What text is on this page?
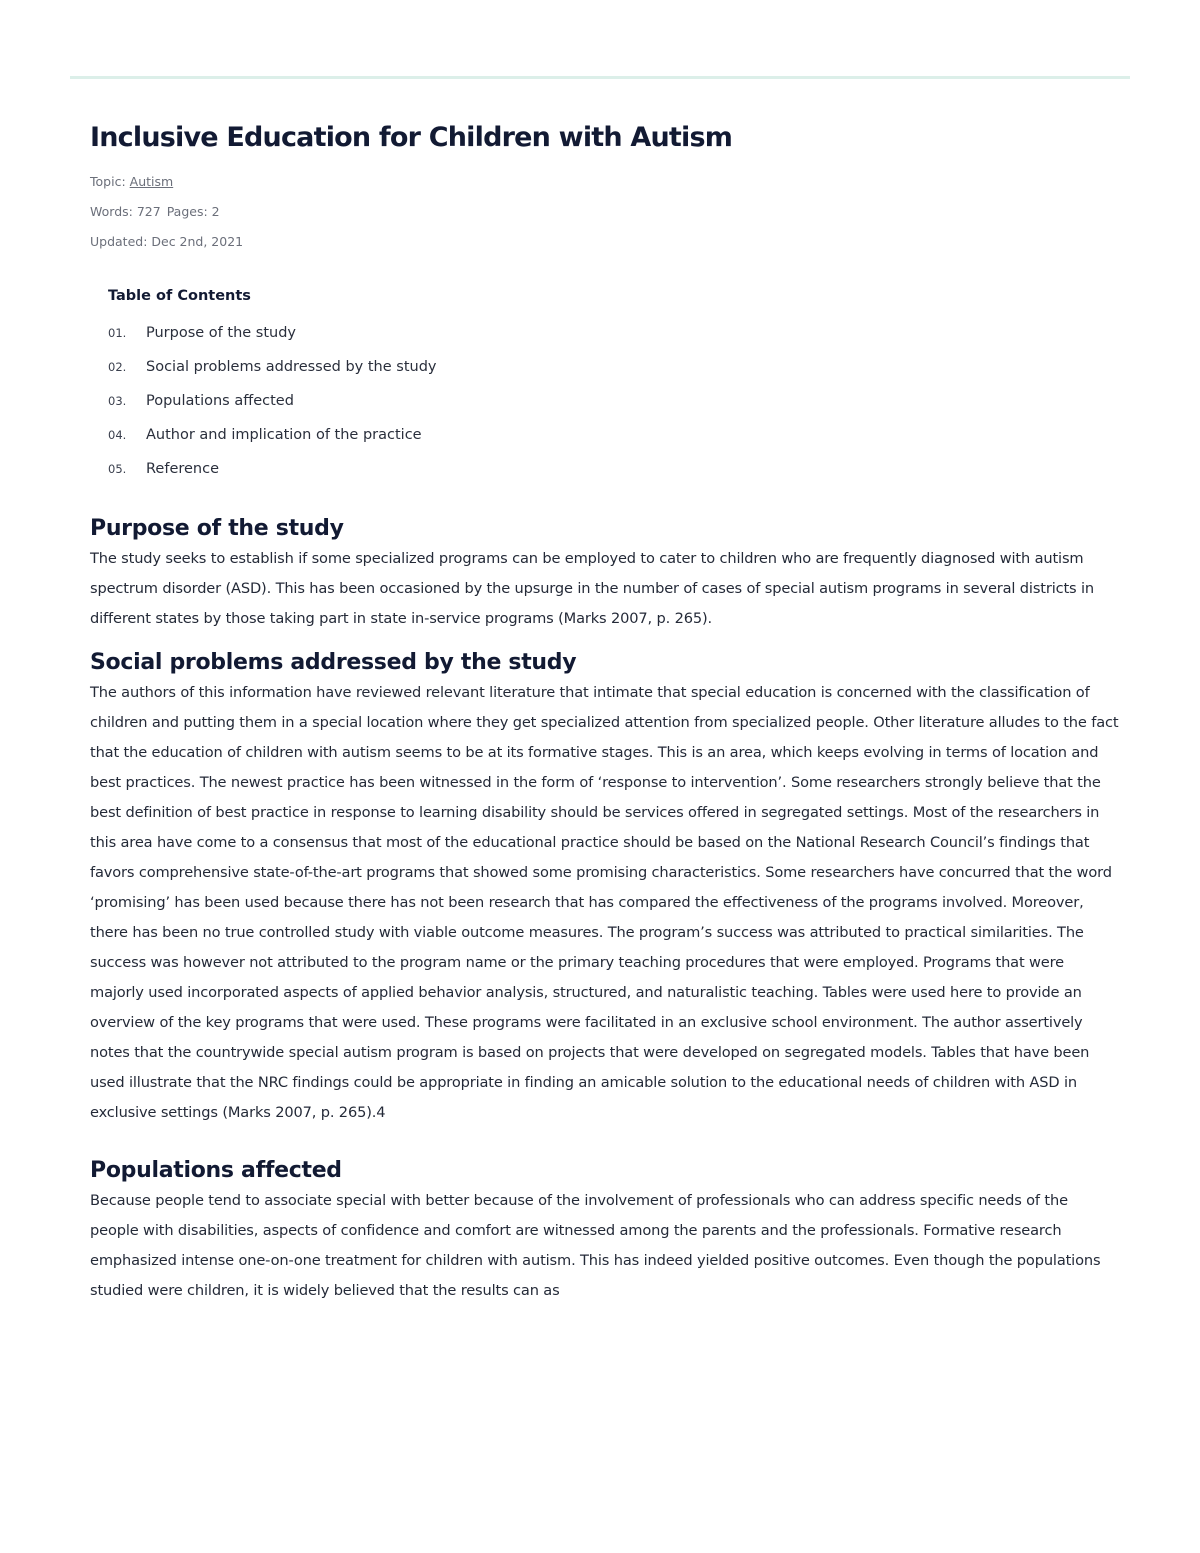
Inclusive Education for Children with Autism
Topic: Autism
Words: 727 Pages: 2
Updated: Dec 2nd, 2021
Table of Contents
01.	Purpose of the study
02.	Social problems addressed by the study
03.	Populations affected
04.	Author and implication of the practice
05.	Reference
Purpose of the study

The study seeks to establish if some specialized programs can be employed to cater to children who are frequently diagnosed with autism spectrum disorder (ASD). This has been occasioned by the upsurge in the number of cases of special autism programs in several districts in different states by those taking part in state in-service programs (Marks 2007, p. 265).

Social problems addressed by the study

The authors of this information have reviewed relevant literature that intimate that special education is concerned with the classification of children and putting them in a special location where they get specialized attention from specialized people. Other literature alludes to the fact that the education of children with autism seems to be at its formative stages. This is an area, which keeps evolving in terms of location and best practices. The newest practice has been witnessed in the form of ‘response to intervention’. Some researchers strongly believe that the best definition of best practice in response to learning disability should be services offered in segregated settings. Most of the researchers in this area have come to a consensus that most of the educational practice should be based on the National Research Council’s findings that favors comprehensive state-of-the-art programs that showed some promising characteristics. Some researchers have concurred that the word ‘promising’ has been used because there has not been research that has compared the effectiveness of the programs involved. Moreover, there has been no true controlled study with viable outcome measures. The program’s success was attributed to practical similarities. The success was however not attributed to the program name or the primary teaching procedures that were employed. Programs that were majorly used incorporated aspects of applied behavior analysis, structured, and naturalistic teaching. Tables were used here to provide an overview of the key programs that were used. These programs were facilitated in an exclusive school environment. The author assertively notes that the countrywide special autism program is based on projects that were developed on segregated models. Tables that have been used illustrate that the NRC findings could be appropriate in finding an amicable solution to the educational needs of children with ASD in exclusive settings (Marks 2007, p. 265).4

Populations affected

Because people tend to associate special with better because of the involvement of professionals who can address specific needs of the people with disabilities, aspects of confidence and comfort are witnessed among the parents and the professionals. Formative research emphasized intense one-on-one treatment for children with autism. This has indeed yielded positive outcomes. Even though the populations studied were children, it is widely believed that the results can as
